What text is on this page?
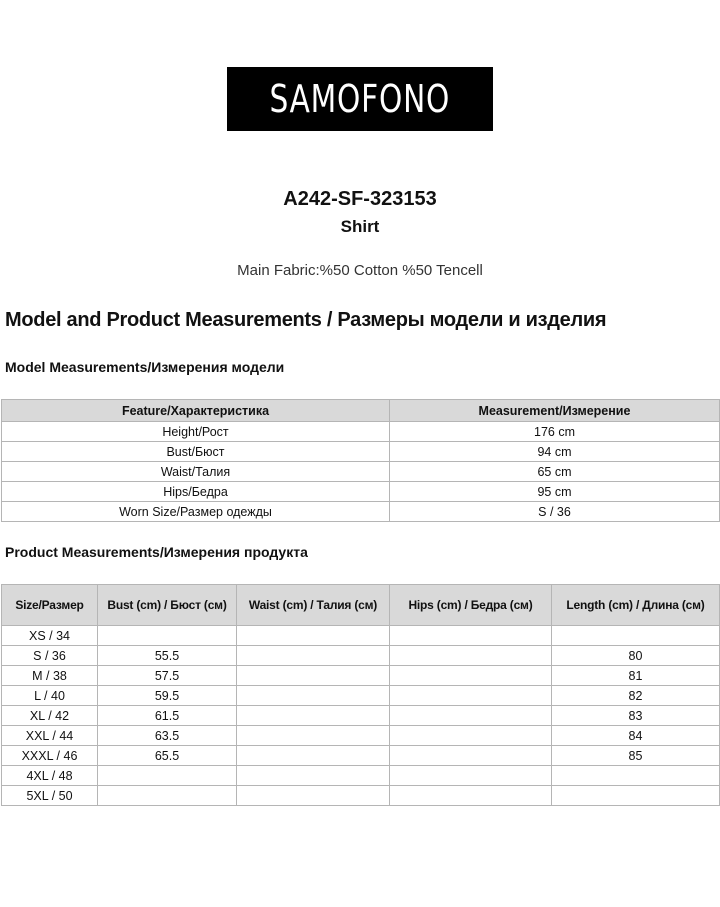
SAMOFONO
A242-SF-323153
Shirt
Main Fabric:%50 Cotton %50 Tencell
Model and Product Measurements / Размеры модели и изделия
Model Measurements/Измерения модели
Feature/Характеристика	Measurement/Измерение
Height/Рост	176 cm
Bust/Бюст	94 cm
Waist/Талия	65 cm
Hips/Бедра	95 cm
Worn Size/Размер одежды	S / 36
Product Measurements/Измерения продукта
Size/Размер	Bust (cm) / Бюст (см)	Waist (cm) / Талия (см)	Hips (cm) / Бедра (см)	Length (cm) / Длина (см)
XS / 34				
S / 36	55.5			80
M / 38	57.5			81
L / 40	59.5			82
XL / 42	61.5			83
XXL / 44	63.5			84
XXXL / 46	65.5			85
4XL / 48				
5XL / 50				
